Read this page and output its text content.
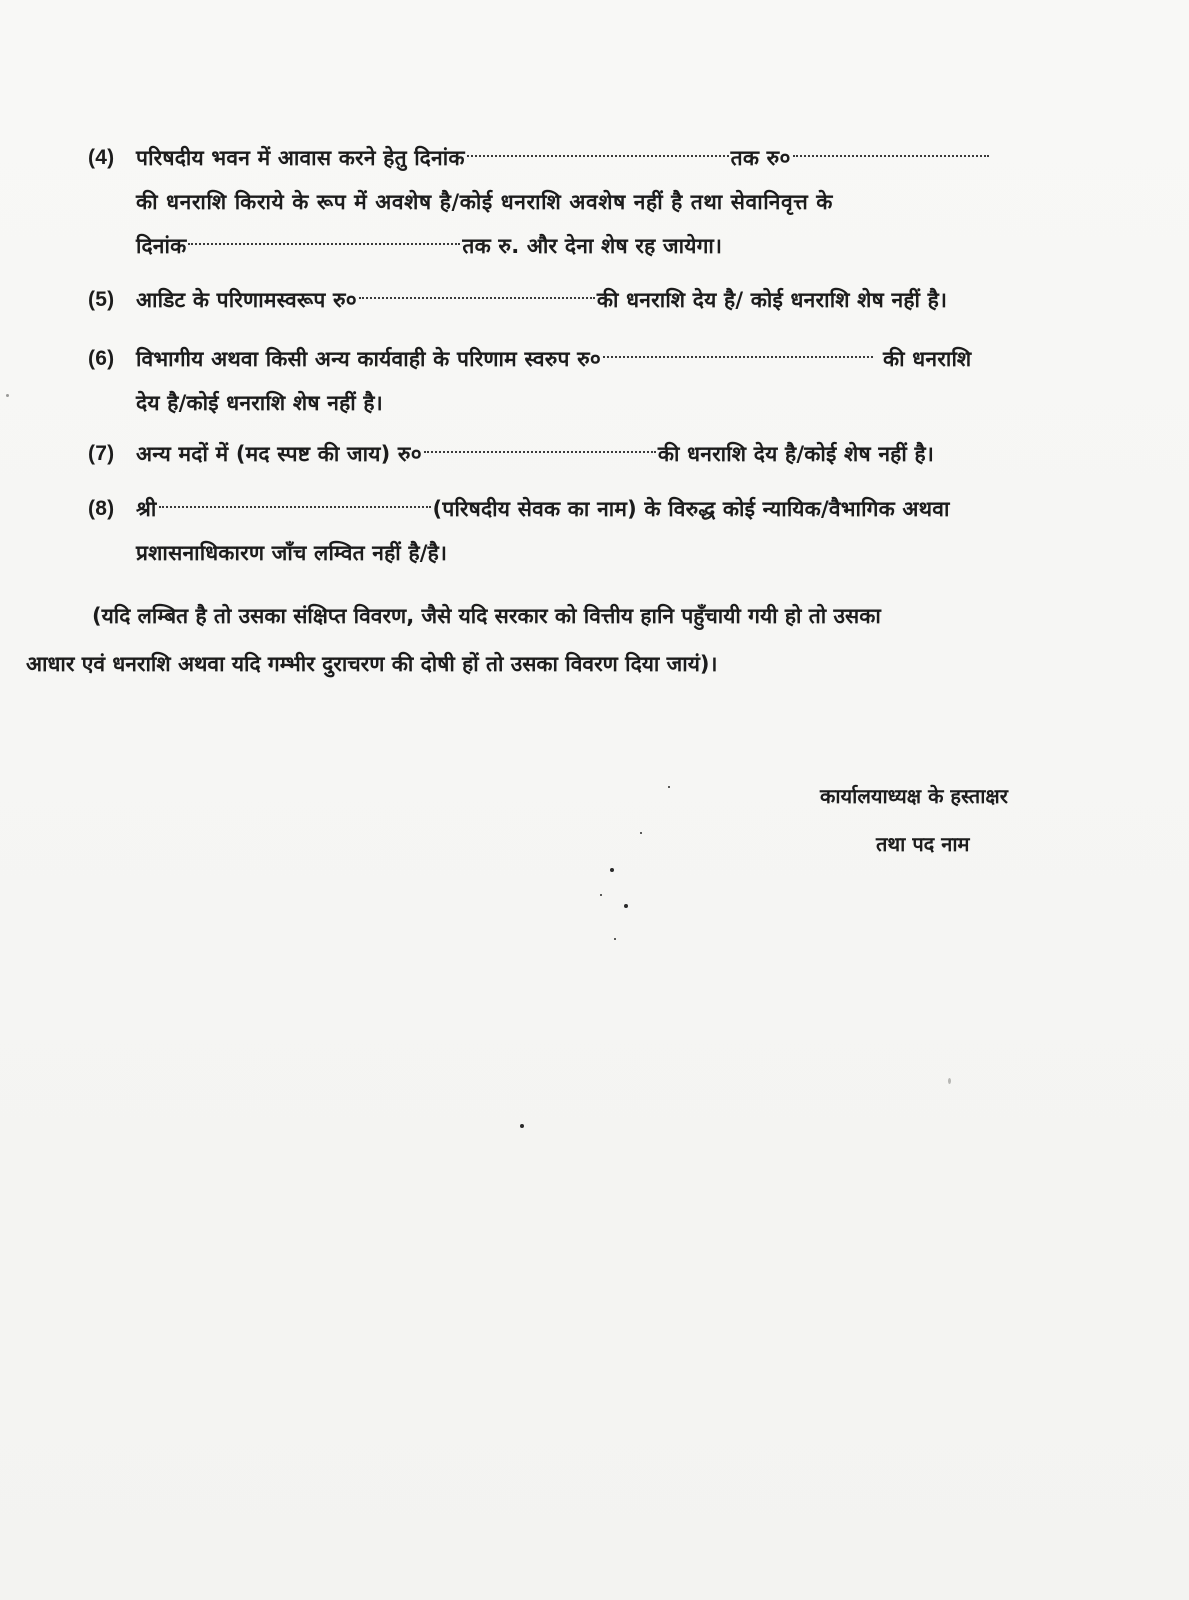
(4)	परिषदीय भवन में आवास करने हेतु दिनांक	तक रु०
की धनराशि किराये के रूप में अवशेष है/कोई धनराशि अवशेष नहीं है तथा सेवानिवृत्त के
दिनांक	तक रु. और देना शेष रह जायेगा।
(5)	आडिट के परिणामस्वरूप रु०	की धनराशि देय है/ कोई धनराशि शेष नहीं है।
(6)	विभागीय अथवा किसी अन्य कार्यवाही के परिणाम स्वरुप रु०	की धनराशि
देय है/कोई धनराशि शेष नहीं है।
(7)	अन्य मदों में (मद स्पष्ट की जाय) रु०	की धनराशि देय है/कोई शेष नहीं है।
(8)	श्री	(परिषदीय सेवक का नाम) के विरुद्ध कोई न्यायिक/वैभागिक अथवा
प्रशासनाधिकारण जाँच लम्वित नहीं है/है।
(यदि लम्बित है तो उसका संक्षिप्त विवरण, जैसे यदि सरकार को वित्तीय हानि पहुँचायी गयी हो तो उसका
आधार एवं धनराशि अथवा यदि गम्भीर दुराचरण की दोषी हों तो उसका विवरण दिया जायं)।
कार्यालयाध्यक्ष के हस्ताक्षर
तथा पद नाम
